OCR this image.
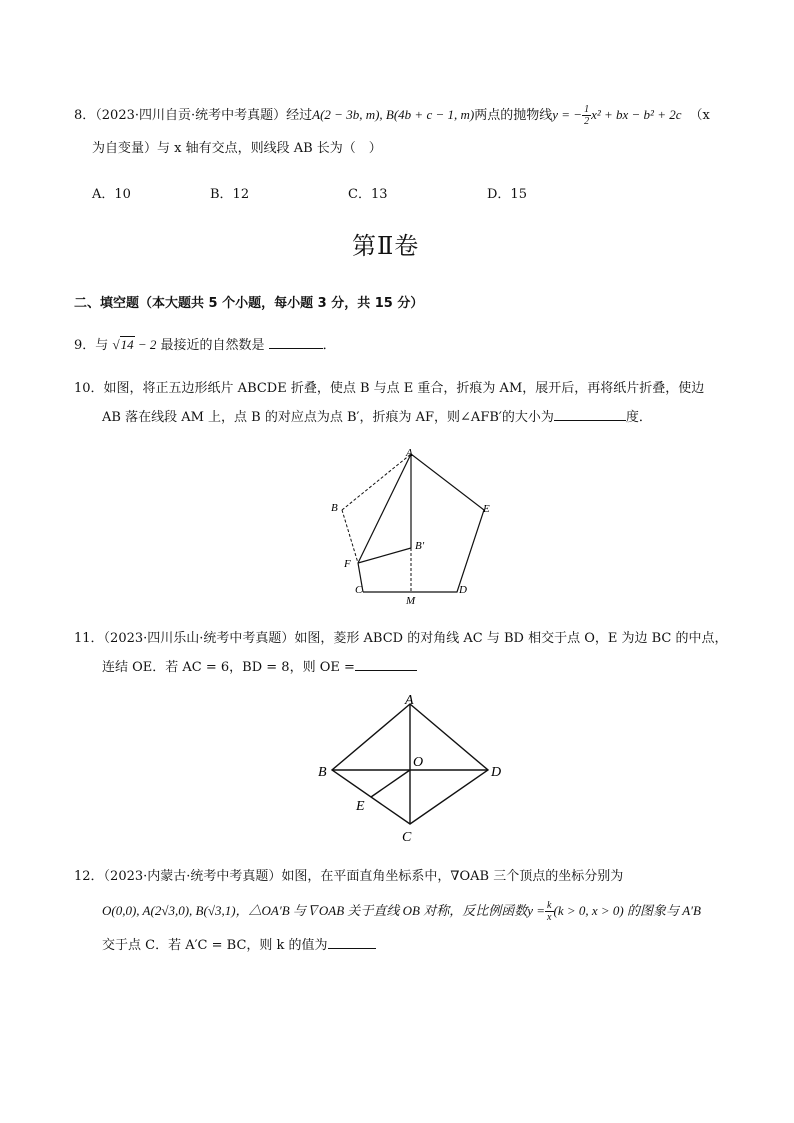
8．（2023·四川自贡·统考中考真题）经过A(2 − 3b, m), B(4b + c − 1, m)两点的抛物线y = − $\frac{1}{2} x^2$ + bx − b² + 2c （x
为自变量）与 x 轴有交点，则线段 AB 长为（　）
A．10	B．12	C．13	D．15
第Ⅱ卷
二、填空题（本大题共 5 个小题，每小题 3 分，共 15 分）
9．与 √14 − 2 最接近的自然数是	．
10．如图，将正五边形纸片 ABCDE 折叠，使点 B 与点 E 重合，折痕为 AM，展开后，再将纸片折叠，使边
AB 落在线段 AM 上，点 B 的对应点为点 B′，折痕为 AF，则∠AFB′的大小为	度．
A
E
B
F
B′
C	D
M
11．（2023·四川乐山·统考中考真题）如图，菱形 ABCD 的对角线 AC 与 BD 相交于点 O，E 为边 BC 的中点，
连结 OE．若 AC = 6，BD = 8，则 OE =
A
B	D
C
O
E
12．（2023·内蒙古·统考中考真题）如图，在平面直角坐标系中，∇OAB 三个顶点的坐标分别为
O(0,0), A(2√3,0), B(√3,1)，△OA′B 与∇OAB 关于直线 OB 对称，反比例函数$y = \frac{k}{x} (k > 0$, x > 0) 的图象与 A′B
交于点 C．若 A′C = BC，则 k 的值为
